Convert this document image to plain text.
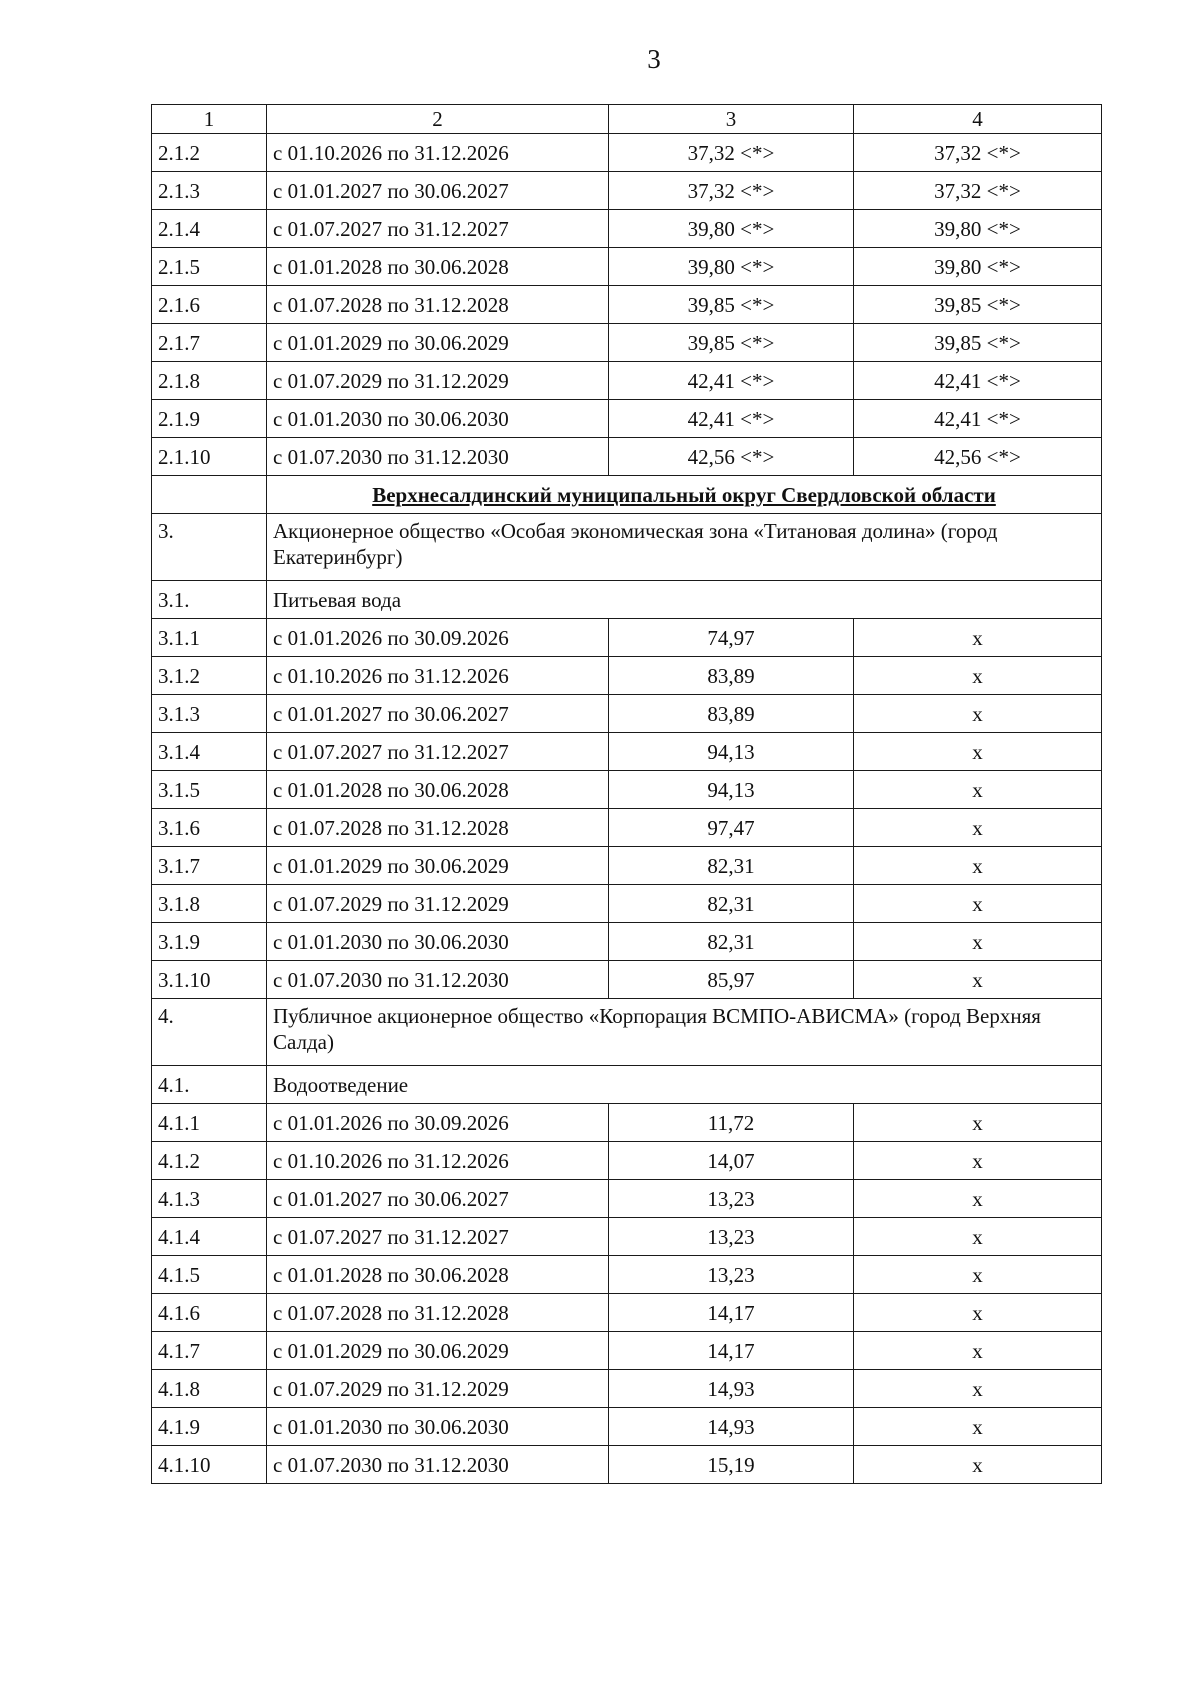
3
1	2	3	4
2.1.2	с 01.10.2026 по 31.12.2026	37,32 <*>	37,32 <*>
2.1.3	с 01.01.2027 по 30.06.2027	37,32 <*>	37,32 <*>
2.1.4	с 01.07.2027 по 31.12.2027	39,80 <*>	39,80 <*>
2.1.5	с 01.01.2028 по 30.06.2028	39,80 <*>	39,80 <*>
2.1.6	с 01.07.2028 по 31.12.2028	39,85 <*>	39,85 <*>
2.1.7	с 01.01.2029 по 30.06.2029	39,85 <*>	39,85 <*>
2.1.8	с 01.07.2029 по 31.12.2029	42,41 <*>	42,41 <*>
2.1.9	с 01.01.2030 по 30.06.2030	42,41 <*>	42,41 <*>
2.1.10	с 01.07.2030 по 31.12.2030	42,56 <*>	42,56 <*>
	Верхнесалдинский муниципальный округ Свердловской области		
3.	Акционерное общество «Особая экономическая зона «Титановая долина» (город Екатеринбург)		
3.1.	Питьевая вода		
3.1.1	с 01.01.2026 по 30.09.2026	74,97	х
3.1.2	с 01.10.2026 по 31.12.2026	83,89	х
3.1.3	с 01.01.2027 по 30.06.2027	83,89	х
3.1.4	с 01.07.2027 по 31.12.2027	94,13	х
3.1.5	с 01.01.2028 по 30.06.2028	94,13	х
3.1.6	с 01.07.2028 по 31.12.2028	97,47	х
3.1.7	с 01.01.2029 по 30.06.2029	82,31	х
3.1.8	с 01.07.2029 по 31.12.2029	82,31	х
3.1.9	с 01.01.2030 по 30.06.2030	82,31	х
3.1.10	с 01.07.2030 по 31.12.2030	85,97	х
4.	Публичное акционерное общество «Корпорация ВСМПО-АВИСМА» (город Верхняя Салда)		
4.1.	Водоотведение		
4.1.1	с 01.01.2026 по 30.09.2026	11,72	х
4.1.2	с 01.10.2026 по 31.12.2026	14,07	х
4.1.3	с 01.01.2027 по 30.06.2027	13,23	х
4.1.4	с 01.07.2027 по 31.12.2027	13,23	х
4.1.5	с 01.01.2028 по 30.06.2028	13,23	х
4.1.6	с 01.07.2028 по 31.12.2028	14,17	х
4.1.7	с 01.01.2029 по 30.06.2029	14,17	х
4.1.8	с 01.07.2029 по 31.12.2029	14,93	х
4.1.9	с 01.01.2030 по 30.06.2030	14,93	х
4.1.10	с 01.07.2030 по 31.12.2030	15,19	х
